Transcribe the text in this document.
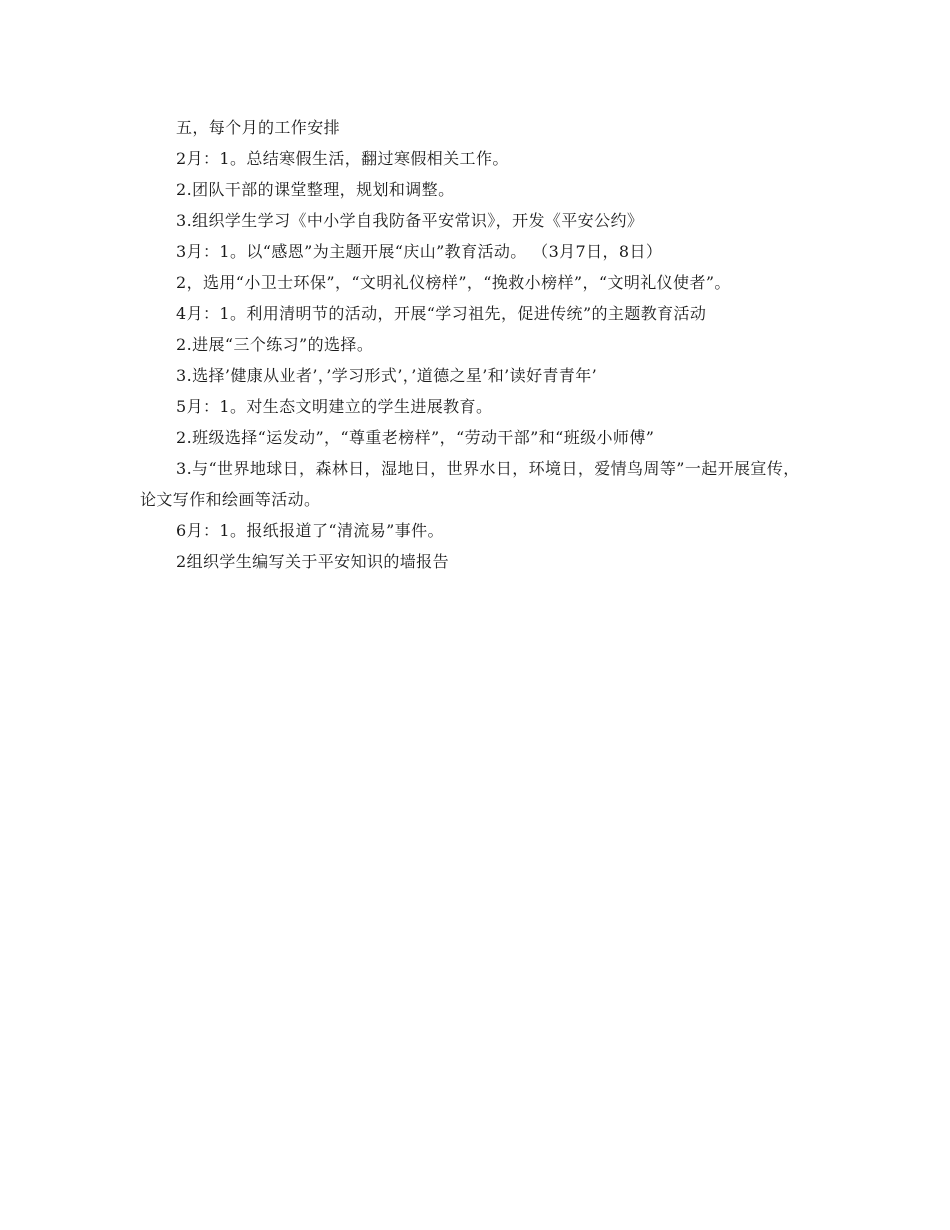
五，每个月的工作安排

2月：1。总结寒假生活，翻过寒假相关工作。

2.团队干部的课堂整理，规划和调整。

3.组织学生学习《中小学自我防备平安常识》，开发《平安公约》

3月：1。以“感恩”为主题开展“庆山”教育活动。 （3月7日，8日）

2，选用“小卫士环保”，“文明礼仪榜样”，“挽救小榜样”，“文明礼仪使者”。

4月：1。利用清明节的活动，开展“学习祖先，促进传统”的主题教育活动

2.进展“三个练习”的选择。

3.选择’健康从业者’，’学习形式’，’道德之星’和’读好青青年’

5月：1。对生态文明建立的学生进展教育。

2.班级选择“运发动”，“尊重老榜样”，“劳动干部”和“班级小师傅”

3.与“世界地球日，森林日，湿地日，世界水日，环境日，爱情鸟周等”一起开展宣传，论文写作和绘画等活动。

6月：1。报纸报道了“清流易”事件。

2组织学生编写关于平安知识的墙报告
